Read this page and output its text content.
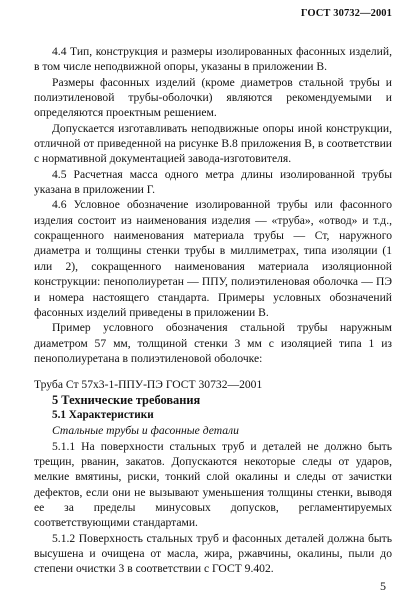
ГОСТ 30732—2001

4.4 Тип, конструкция и размеры изолированных фасонных изделий, в том числе неподвижной опоры, указаны в приложении В.

Размеры фасонных изделий (кроме диаметров стальной трубы и полиэтиленовой трубы-оболочки) являются рекомендуемыми и определяются проектным решением.

Допускается изготавливать неподвижные опоры иной конструкции, отличной от приведенной на рисунке В.8 приложения В, в соответствии с нормативной документацией завода-изготовителя.

4.5 Расчетная масса одного метра длины изолированной трубы указана в приложении Г.

4.6 Условное обозначение изолированной трубы или фасонного изделия состоит из наименования изделия — «труба», «отвод» и т.д., сокращенного наименования материала трубы — Ст, наружного диаметра и толщины стенки трубы в миллиметрах, типа изоляции (1 или 2), сокращенного наименования материала изоляционной конструкции: пенополиуретан — ППУ, полиэтиленовая оболочка — ПЭ и номера настоящего стандарта. Примеры условных обозначений фасонных изделий приведены в приложении В.

Пример условного обозначения стальной трубы наружным диаметром 57 мм, толщиной стенки 3 мм с изоляцией типа 1 из пенополиуретана в полиэтиленовой оболочке:

Труба Ст 57х3-1-ППУ-ПЭ ГОСТ 30732—2001

5 Технические требования

5.1 Характеристики

Стальные трубы и фасонные детали

5.1.1 На поверхности стальных труб и деталей не должно быть трещин, рванин, закатов. Допускаются некоторые следы от ударов, мелкие вмятины, риски, тонкий слой окалины и следы от зачистки дефектов, если они не вызывают уменьшения толщины стенки, выводя ее за пределы минусовых допусков, регламентируемых соответствующими стандартами.

5.1.2 Поверхность стальных труб и фасонных деталей должна быть высушена и очищена от масла, жира, ржавчины, окалины, пыли до степени очистки 3 в соответствии с ГОСТ 9.402.

5
